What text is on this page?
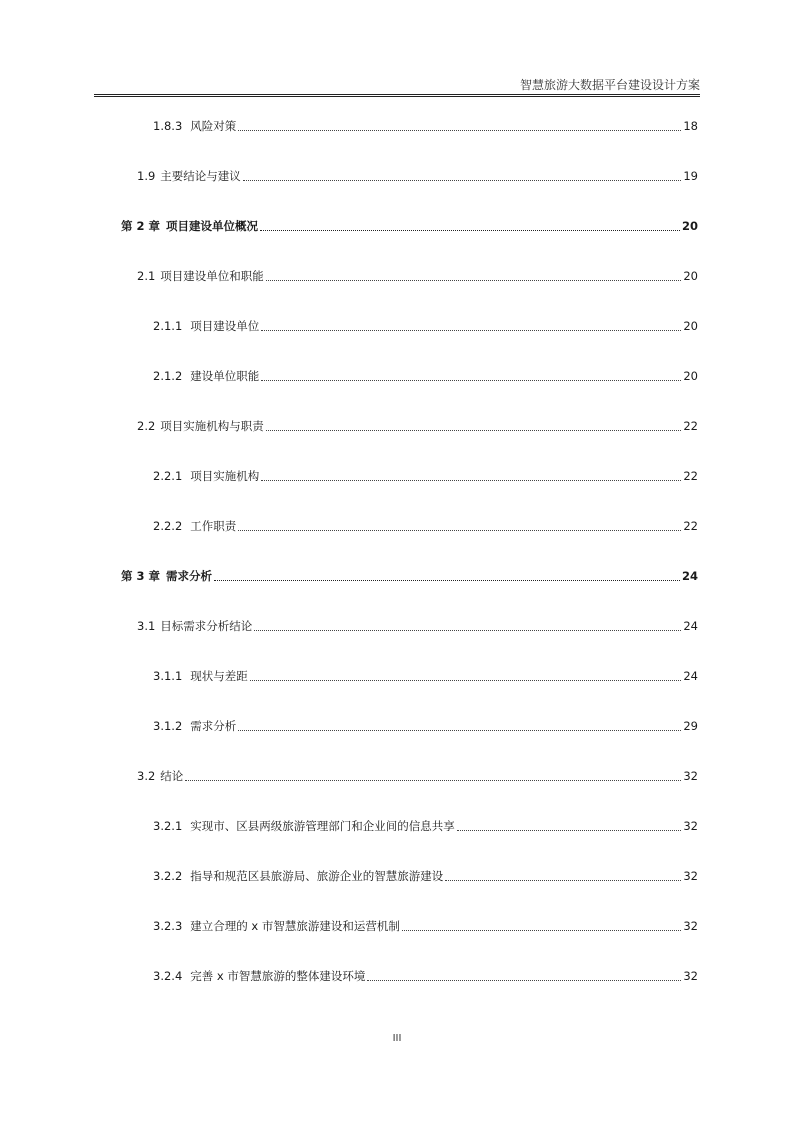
智慧旅游大数据平台建设设计方案
1.8.3 风险对策	18
1.9 主要结论与建议	19
第 2 章 项目建设单位概况	20
2.1 项目建设单位和职能	20
2.1.1 项目建设单位	20
2.1.2 建设单位职能	20
2.2 项目实施机构与职责	22
2.2.1 项目实施机构	22
2.2.2 工作职责	22
第 3 章 需求分析	24
3.1 目标需求分析结论	24
3.1.1 现状与差距	24
3.1.2 需求分析	29
3.2 结论	32
3.2.1 实现市、区县两级旅游管理部门和企业间的信息共享	32
3.2.2 指导和规范区县旅游局、旅游企业的智慧旅游建设	32
3.2.3 建立合理的 x 市智慧旅游建设和运营机制	32
3.2.4 完善 x 市智慧旅游的整体建设环境	32
III
